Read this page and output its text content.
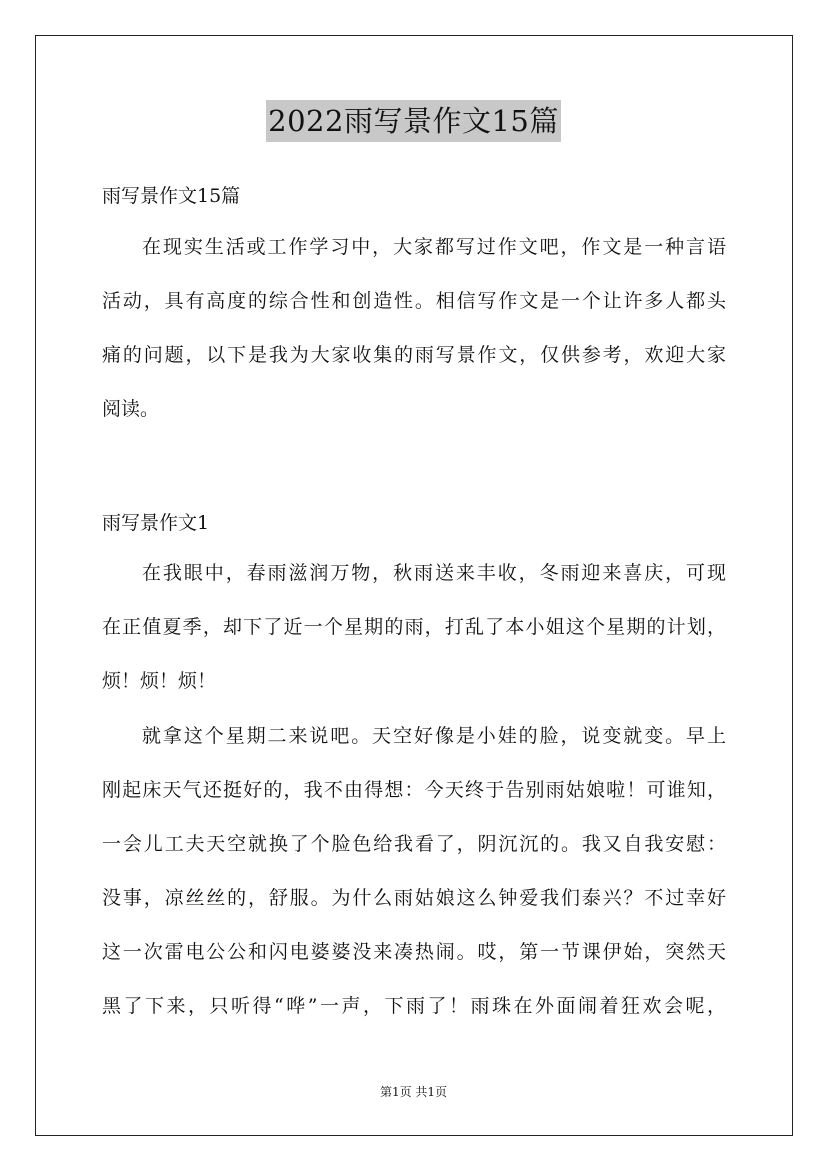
2022雨写景作文15篇
雨写景作文15篇
在现实生活或工作学习中，大家都写过作文吧，作文是一种言语
活动，具有高度的综合性和创造性。相信写作文是一个让许多人都头
痛的问题，以下是我为大家收集的雨写景作文，仅供参考，欢迎大家
阅读。
雨写景作文1
在我眼中，春雨滋润万物，秋雨送来丰收，冬雨迎来喜庆，可现
在正值夏季，却下了近一个星期的雨，打乱了本小姐这个星期的计划，
烦！烦！烦！
就拿这个星期二来说吧。天空好像是小娃的脸，说变就变。早上
刚起床天气还挺好的，我不由得想：今天终于告别雨姑娘啦！可谁知，
一会儿工夫天空就换了个脸色给我看了，阴沉沉的。我又自我安慰：
没事，凉丝丝的，舒服。为什么雨姑娘这么钟爱我们泰兴？不过幸好
这一次雷电公公和闪电婆婆没来凑热闹。哎，第一节课伊始，突然天
黑了下来，只听得“哗”一声，下雨了！雨珠在外面闹着狂欢会呢，
第1页 共1页
